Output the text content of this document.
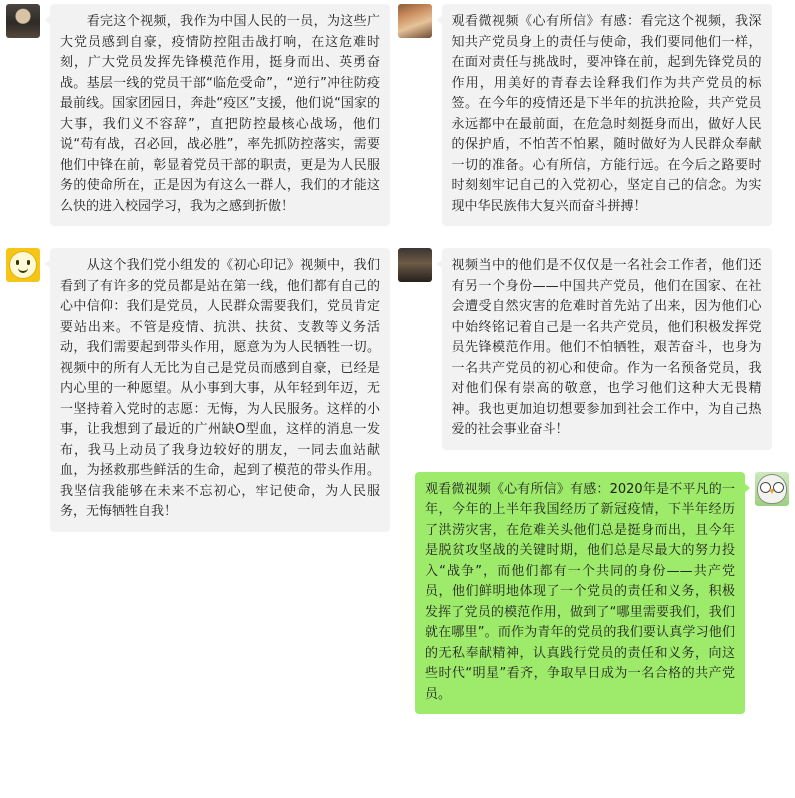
　　看完这个视频，我作为中国人民的一员，为这些广大党员感到自豪，疫情防控阻击战打响，在这危难时刻，广大党员发挥先锋模范作用，挺身而出、英勇奋战。基层一线的党员干部“临危受命”，“逆行”冲往防疫最前线。国家团园日，奔赴“疫区”支援，他们说“国家的大事，我们义不容辞”，直把防控最核心战场，他们说“苟有战，召必回，战必胜”，率先抓防控落实，需要他们中锋在前，彰显着党员干部的职责，更是为人民服务的使命所在，正是因为有这么一群人，我们的才能这么快的进入校园学习，我为之感到折傲！
　　从这个我们党小组发的《初心印记》视频中，我们看到了有许多的党员都是站在第一线，他们都有自己的心中信仰：我们是党员，人民群众需要我们，党员肯定要站出来。不管是疫情、抗洪、扶贫、支教等义务活动，我们需要起到带头作用，愿意为为人民牺牲一切。视频中的所有人无比为自己是党员而感到自豪，已经是内心里的一种愿望。从小事到大事，从年轻到年迈，无一坚持着入党时的志愿：无悔，为人民服务。这样的小事，让我想到了最近的广州缺O型血，这样的消息一发布，我马上动员了我身边较好的朋友，一同去血站献血，为拯救那些鲜活的生命，起到了模范的带头作用。我坚信我能够在未来不忘初心，牢记使命，为人民服务，无悔牺牲自我！
观看微视频《心有所信》有感：看完这个视频，我深知共产党员身上的责任与使命，我们要同他们一样，在面对责任与挑战时，要冲锋在前，起到先锋党员的作用，用美好的青春去诠释我们作为共产党员的标签。在今年的疫情还是下半年的抗洪抢险，共产党员永远都中在最前面，在危急时刻挺身而出，做好人民的保护盾，不怕苦不怕累，随时做好为人民群众奉献一切的准备。心有所信，方能行远。在今后之路要时时刻刻牢记自己的入党初心，坚定自己的信念。为实现中华民族伟大复兴而奋斗拼搏！
视频当中的他们是不仅仅是一名社会工作者，他们还有另一个身份——中国共产党员，他们在国家、在社会遭受自然灾害的危难时首先站了出来，因为他们心中始终铭记着自己是一名共产党员，他们积极发挥党员先锋模范作用。他们不怕牺牲，艰苦奋斗，也身为一名共产党员的初心和使命。作为一名预备党员，我对他们保有崇高的敬意，也学习他们这种大无畏精神。我也更加迫切想要参加到社会工作中，为自己热爱的社会事业奋斗！
观看微视频《心有所信》有感：2020年是不平凡的一年，今年的上半年我国经历了新冠疫情，下半年经历了洪涝灾害，在危难关头他们总是挺身而出，且今年是脱贫攻坚战的关键时期，他们总是尽最大的努力投入“战争”，而他们都有一个共同的身份——共产党员，他们鲜明地体现了一个党员的责任和义务，积极发挥了党员的模范作用，做到了“哪里需要我们，我们就在哪里”。而作为青年的党员的我们要认真学习他们的无私奉献精神，认真践行党员的责任和义务，向这些时代“明星”看齐，争取早日成为一名合格的共产党员。
